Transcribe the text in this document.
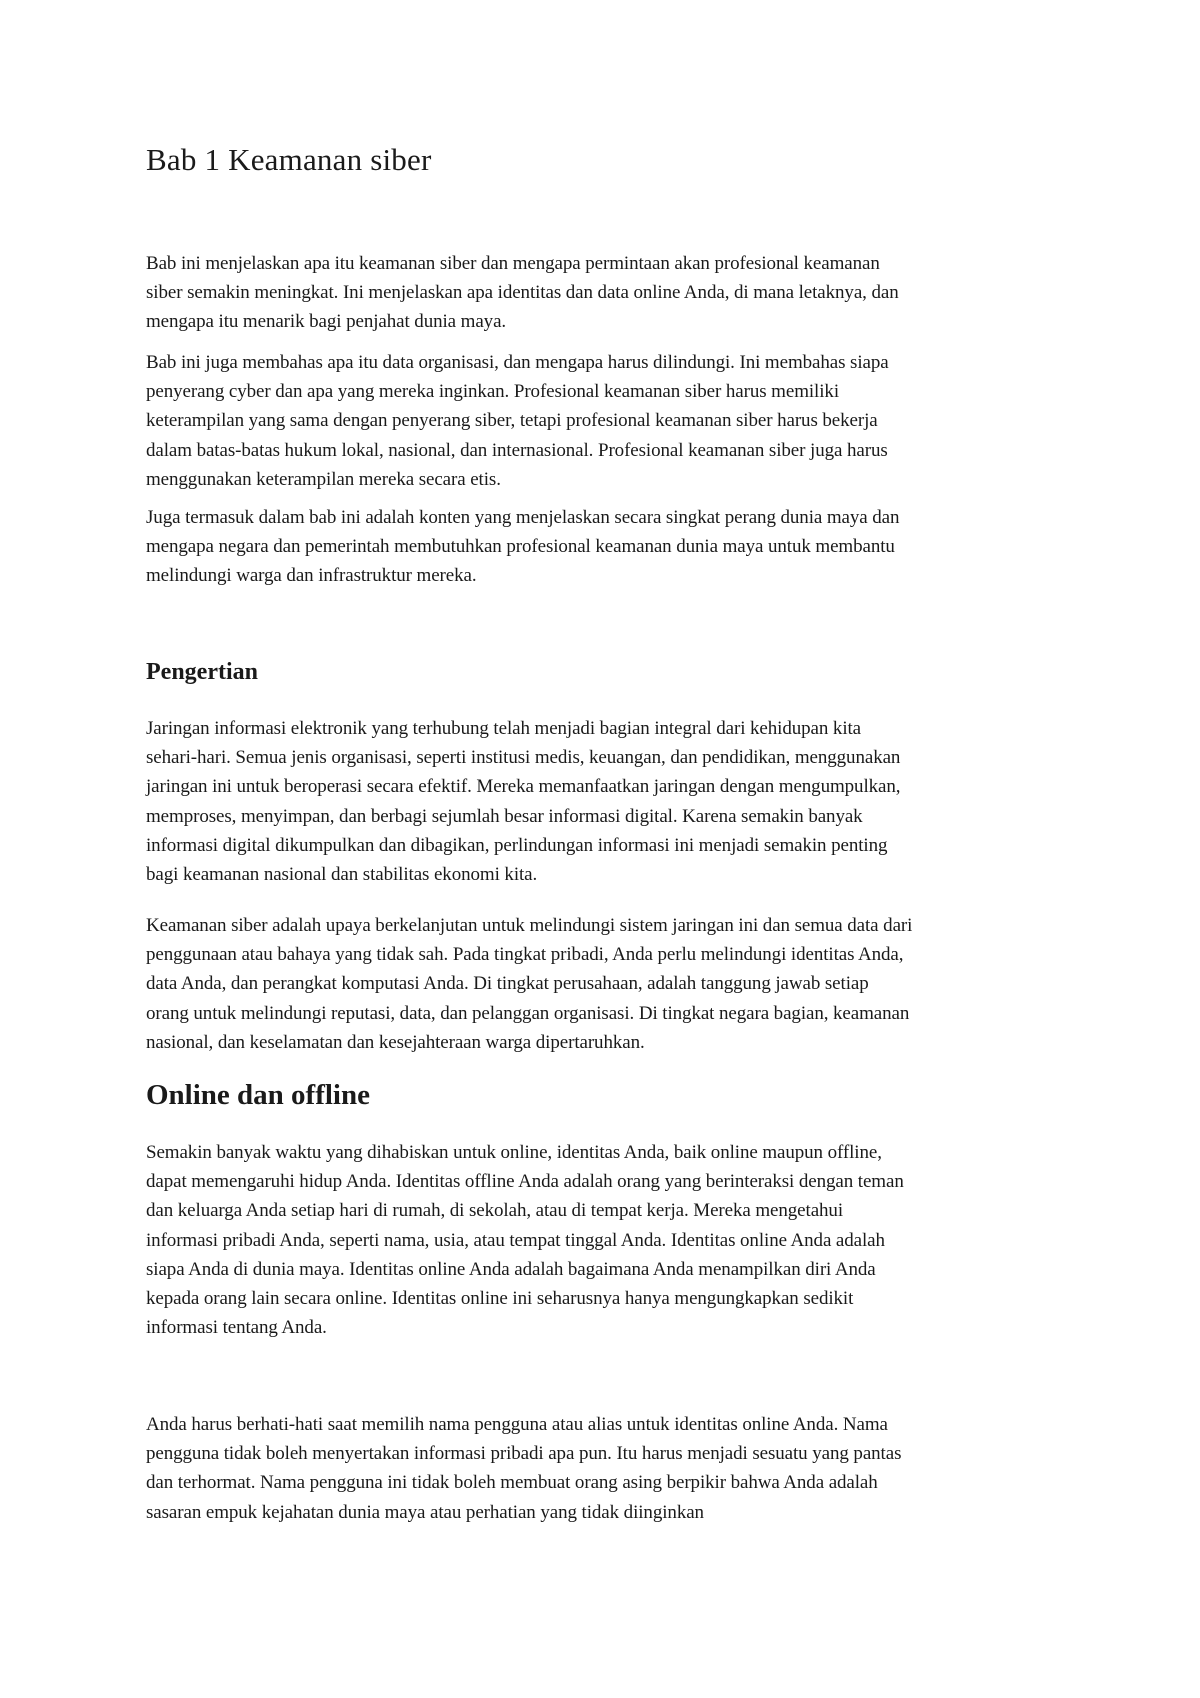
Bab 1 Keamanan siber

Bab ini menjelaskan apa itu keamanan siber dan mengapa permintaan akan profesional keamanan
siber semakin meningkat. Ini menjelaskan apa identitas dan data online Anda, di mana letaknya, dan
mengapa itu menarik bagi penjahat dunia maya.

Bab ini juga membahas apa itu data organisasi, dan mengapa harus dilindungi. Ini membahas siapa
penyerang cyber dan apa yang mereka inginkan. Profesional keamanan siber harus memiliki
keterampilan yang sama dengan penyerang siber, tetapi profesional keamanan siber harus bekerja
dalam batas-batas hukum lokal, nasional, dan internasional. Profesional keamanan siber juga harus
menggunakan keterampilan mereka secara etis.

Juga termasuk dalam bab ini adalah konten yang menjelaskan secara singkat perang dunia maya dan
mengapa negara dan pemerintah membutuhkan profesional keamanan dunia maya untuk membantu
melindungi warga dan infrastruktur mereka.

Pengertian

Jaringan informasi elektronik yang terhubung telah menjadi bagian integral dari kehidupan kita
sehari-hari. Semua jenis organisasi, seperti institusi medis, keuangan, dan pendidikan, menggunakan
jaringan ini untuk beroperasi secara efektif. Mereka memanfaatkan jaringan dengan mengumpulkan,
memproses, menyimpan, dan berbagi sejumlah besar informasi digital. Karena semakin banyak
informasi digital dikumpulkan dan dibagikan, perlindungan informasi ini menjadi semakin penting
bagi keamanan nasional dan stabilitas ekonomi kita.

Keamanan siber adalah upaya berkelanjutan untuk melindungi sistem jaringan ini dan semua data dari
penggunaan atau bahaya yang tidak sah. Pada tingkat pribadi, Anda perlu melindungi identitas Anda,
data Anda, dan perangkat komputasi Anda. Di tingkat perusahaan, adalah tanggung jawab setiap
orang untuk melindungi reputasi, data, dan pelanggan organisasi. Di tingkat negara bagian, keamanan
nasional, dan keselamatan dan kesejahteraan warga dipertaruhkan.

Online dan offline

Semakin banyak waktu yang dihabiskan untuk online, identitas Anda, baik online maupun offline,
dapat memengaruhi hidup Anda. Identitas offline Anda adalah orang yang berinteraksi dengan teman
dan keluarga Anda setiap hari di rumah, di sekolah, atau di tempat kerja. Mereka mengetahui
informasi pribadi Anda, seperti nama, usia, atau tempat tinggal Anda. Identitas online Anda adalah
siapa Anda di dunia maya. Identitas online Anda adalah bagaimana Anda menampilkan diri Anda
kepada orang lain secara online. Identitas online ini seharusnya hanya mengungkapkan sedikit
informasi tentang Anda.

Anda harus berhati-hati saat memilih nama pengguna atau alias untuk identitas online Anda. Nama
pengguna tidak boleh menyertakan informasi pribadi apa pun. Itu harus menjadi sesuatu yang pantas
dan terhormat. Nama pengguna ini tidak boleh membuat orang asing berpikir bahwa Anda adalah
sasaran empuk kejahatan dunia maya atau perhatian yang tidak diinginkan
